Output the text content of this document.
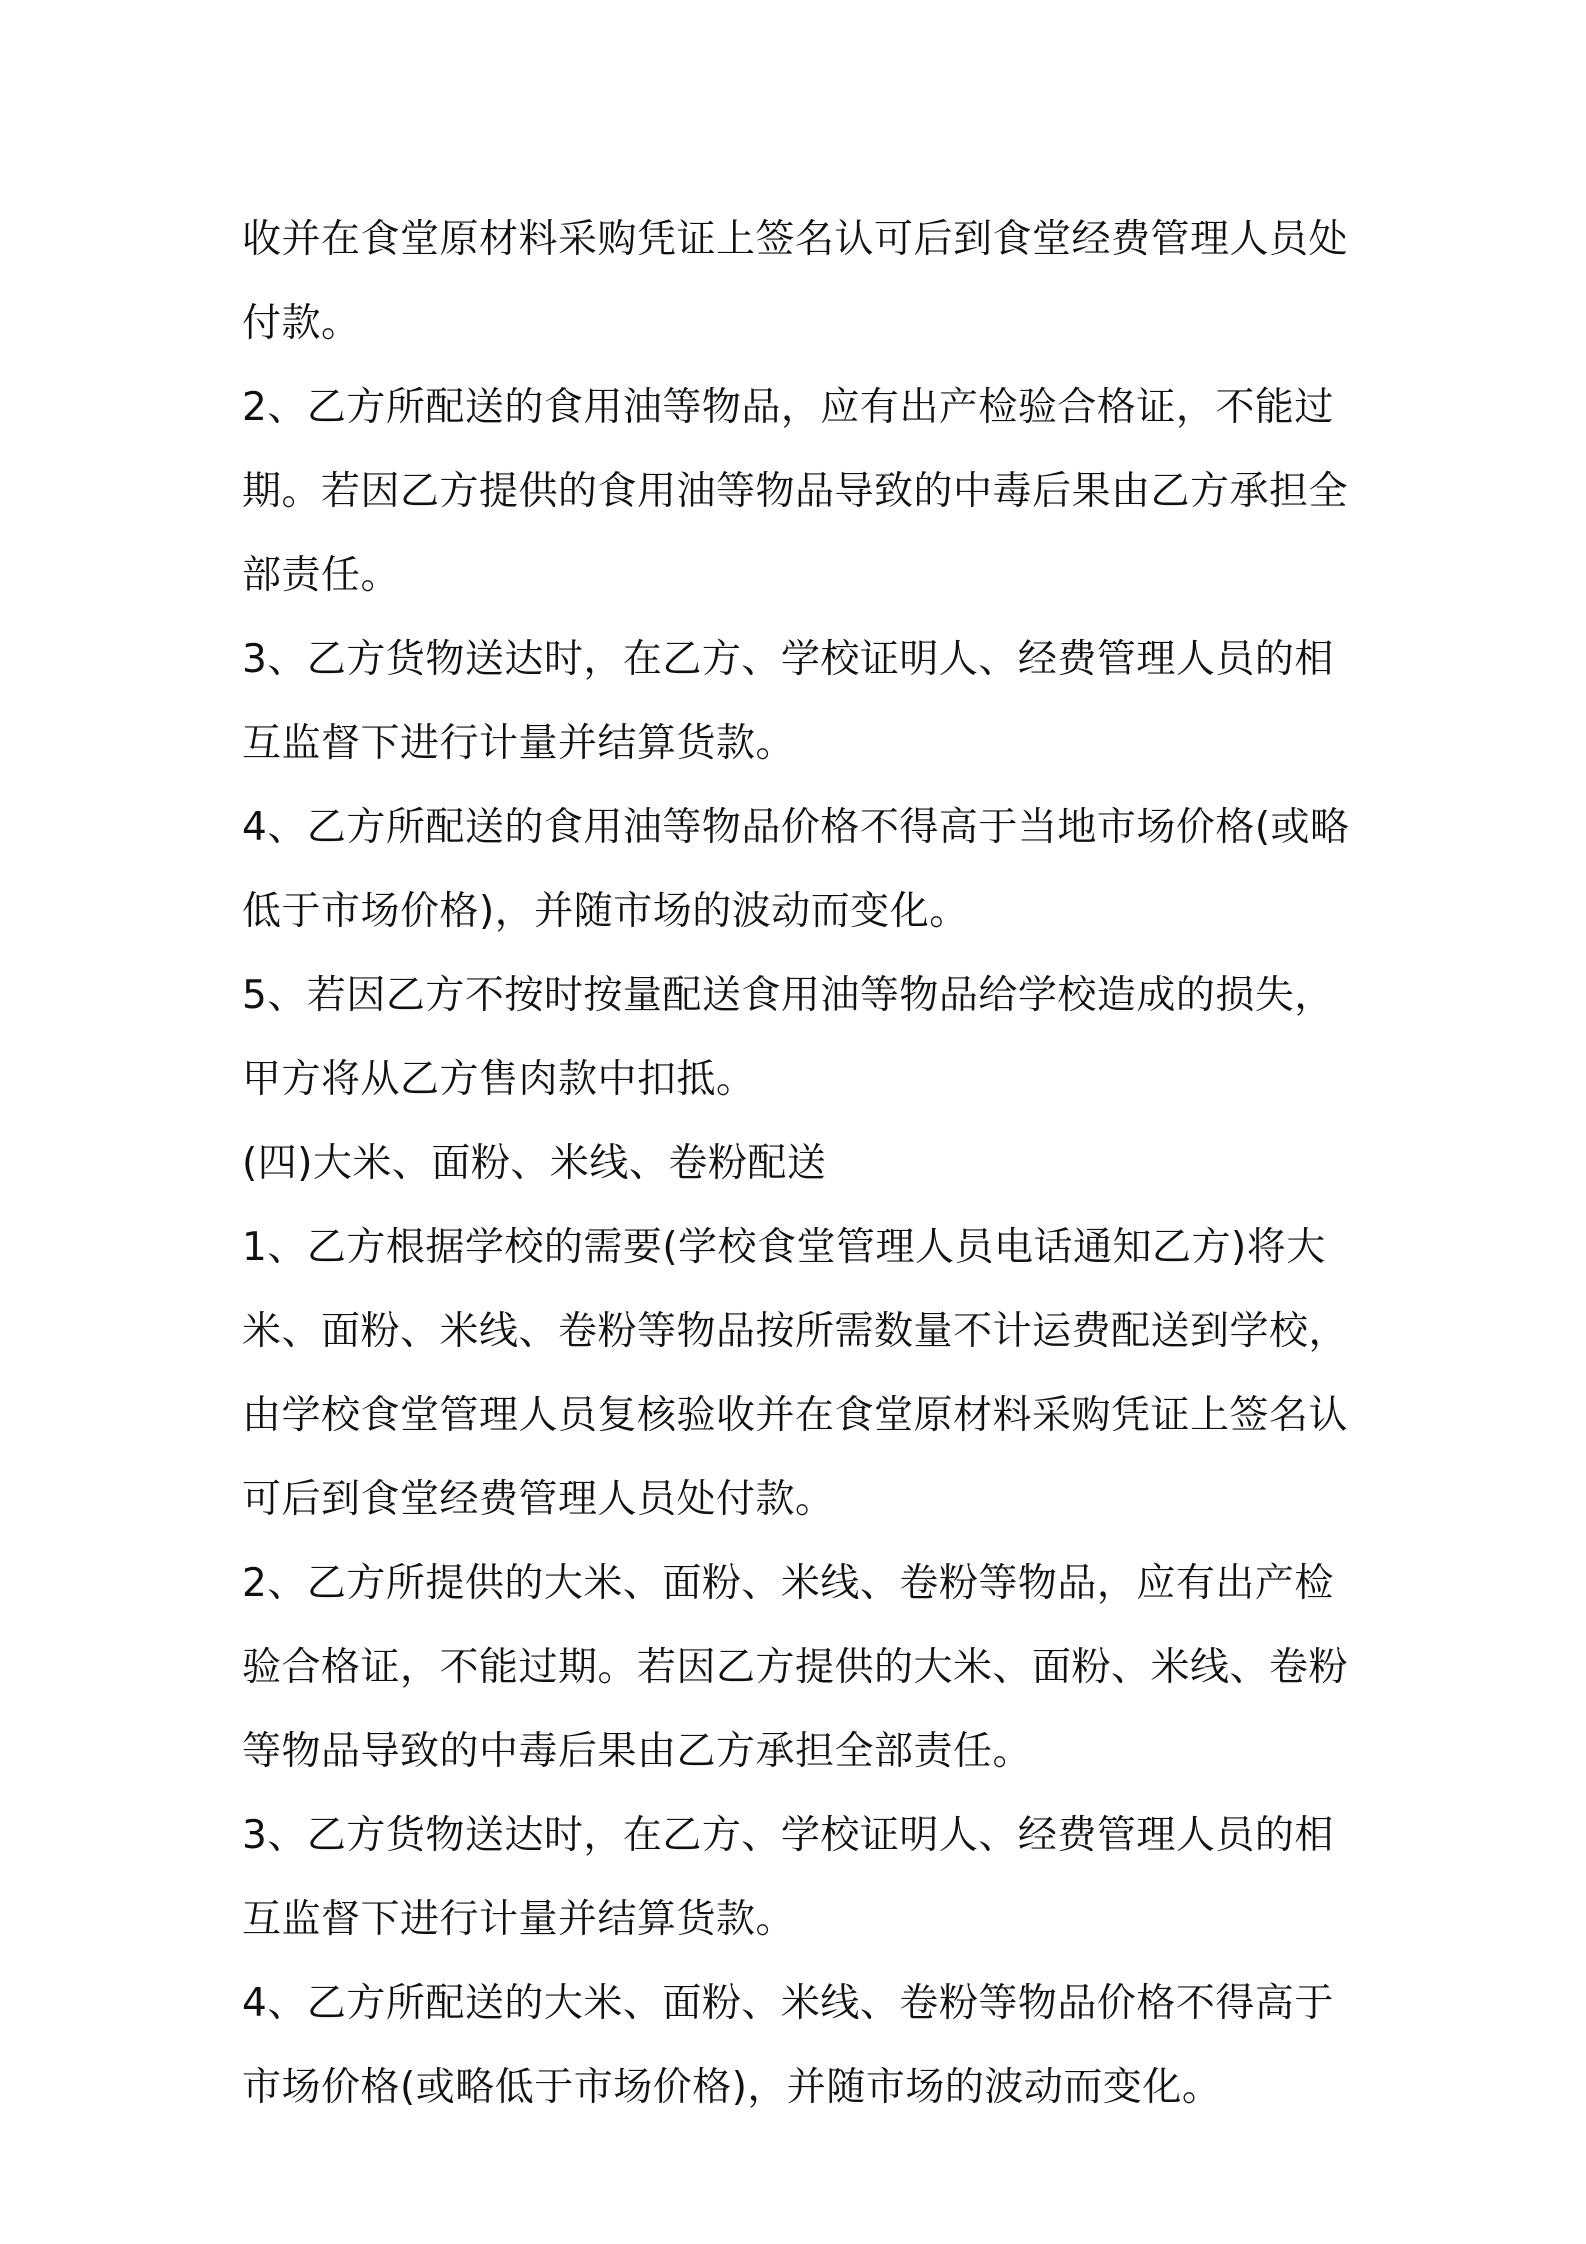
收并在食堂原材料采购凭证上签名认可后到食堂经费管理人员处付款。

2、乙方所配送的食用油等物品，应有出产检验合格证，不能过期。若因乙方提供的食用油等物品导致的中毒后果由乙方承担全部责任。

3、乙方货物送达时，在乙方、学校证明人、经费管理人员的相互监督下进行计量并结算货款。

4、乙方所配送的食用油等物品价格不得高于当地市场价格(或略低于市场价格)，并随市场的波动而变化。

5、若因乙方不按时按量配送食用油等物品给学校造成的损失，甲方将从乙方售肉款中扣抵。

(四)大米、面粉、米线、卷粉配送

1、乙方根据学校的需要(学校食堂管理人员电话通知乙方)将大米、面粉、米线、卷粉等物品按所需数量不计运费配送到学校，由学校食堂管理人员复核验收并在食堂原材料采购凭证上签名认可后到食堂经费管理人员处付款。

2、乙方所提供的大米、面粉、米线、卷粉等物品，应有出产检验合格证，不能过期。若因乙方提供的大米、面粉、米线、卷粉等物品导致的中毒后果由乙方承担全部责任。

3、乙方货物送达时，在乙方、学校证明人、经费管理人员的相互监督下进行计量并结算货款。

4、乙方所配送的大米、面粉、米线、卷粉等物品价格不得高于市场价格(或略低于市场价格)，并随市场的波动而变化。
